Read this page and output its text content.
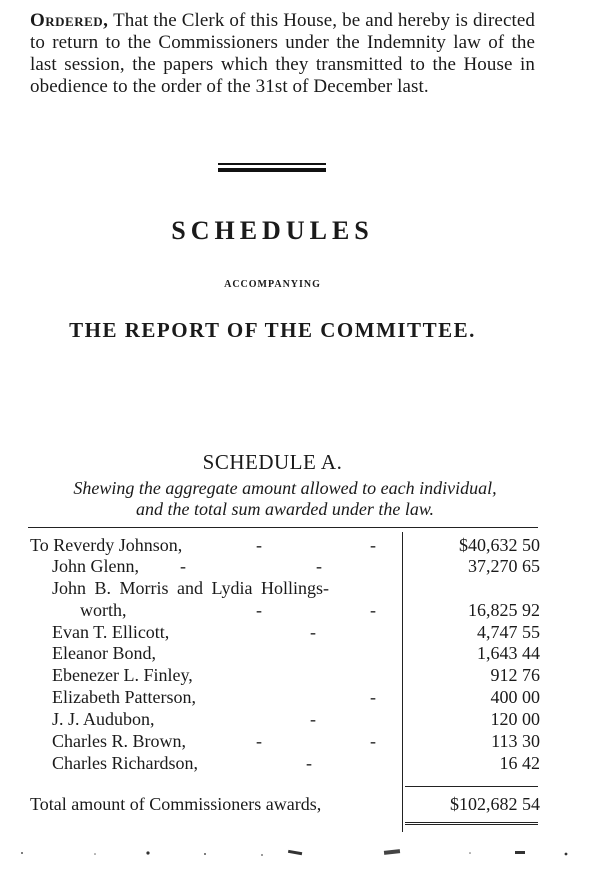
Ordered, That the Clerk of this House, be and hereby is directed to return to the Commissioners under the Indemnity law of the last session, the papers which they transmitted to the House in obedience to the order of the 31st of December last.

SCHEDULES
ACCOMPANYING
THE REPORT OF THE COMMITTEE.
SCHEDULE A.
Shewing the aggregate amount allowed to each individual,
and the total sum awarded under the law.
To Reverdy Johnson,	-	-	$40,632 50
John Glenn, -	-	37,270 65
John B. Morris and Lydia Hollings-
worth,	-	-	16,825 92
Evan T. Ellicott,	-	4,747 55
Eleanor Bond,	1,643 44
Ebenezer L. Finley,	912 76
Elizabeth Patterson,	-	400 00
J. J. Audubon,	-	120 00
Charles R. Brown,	-	-	113 30
Charles Richardson,	-	16 42
Total amount of Commissioners awards,	$102,682 54
